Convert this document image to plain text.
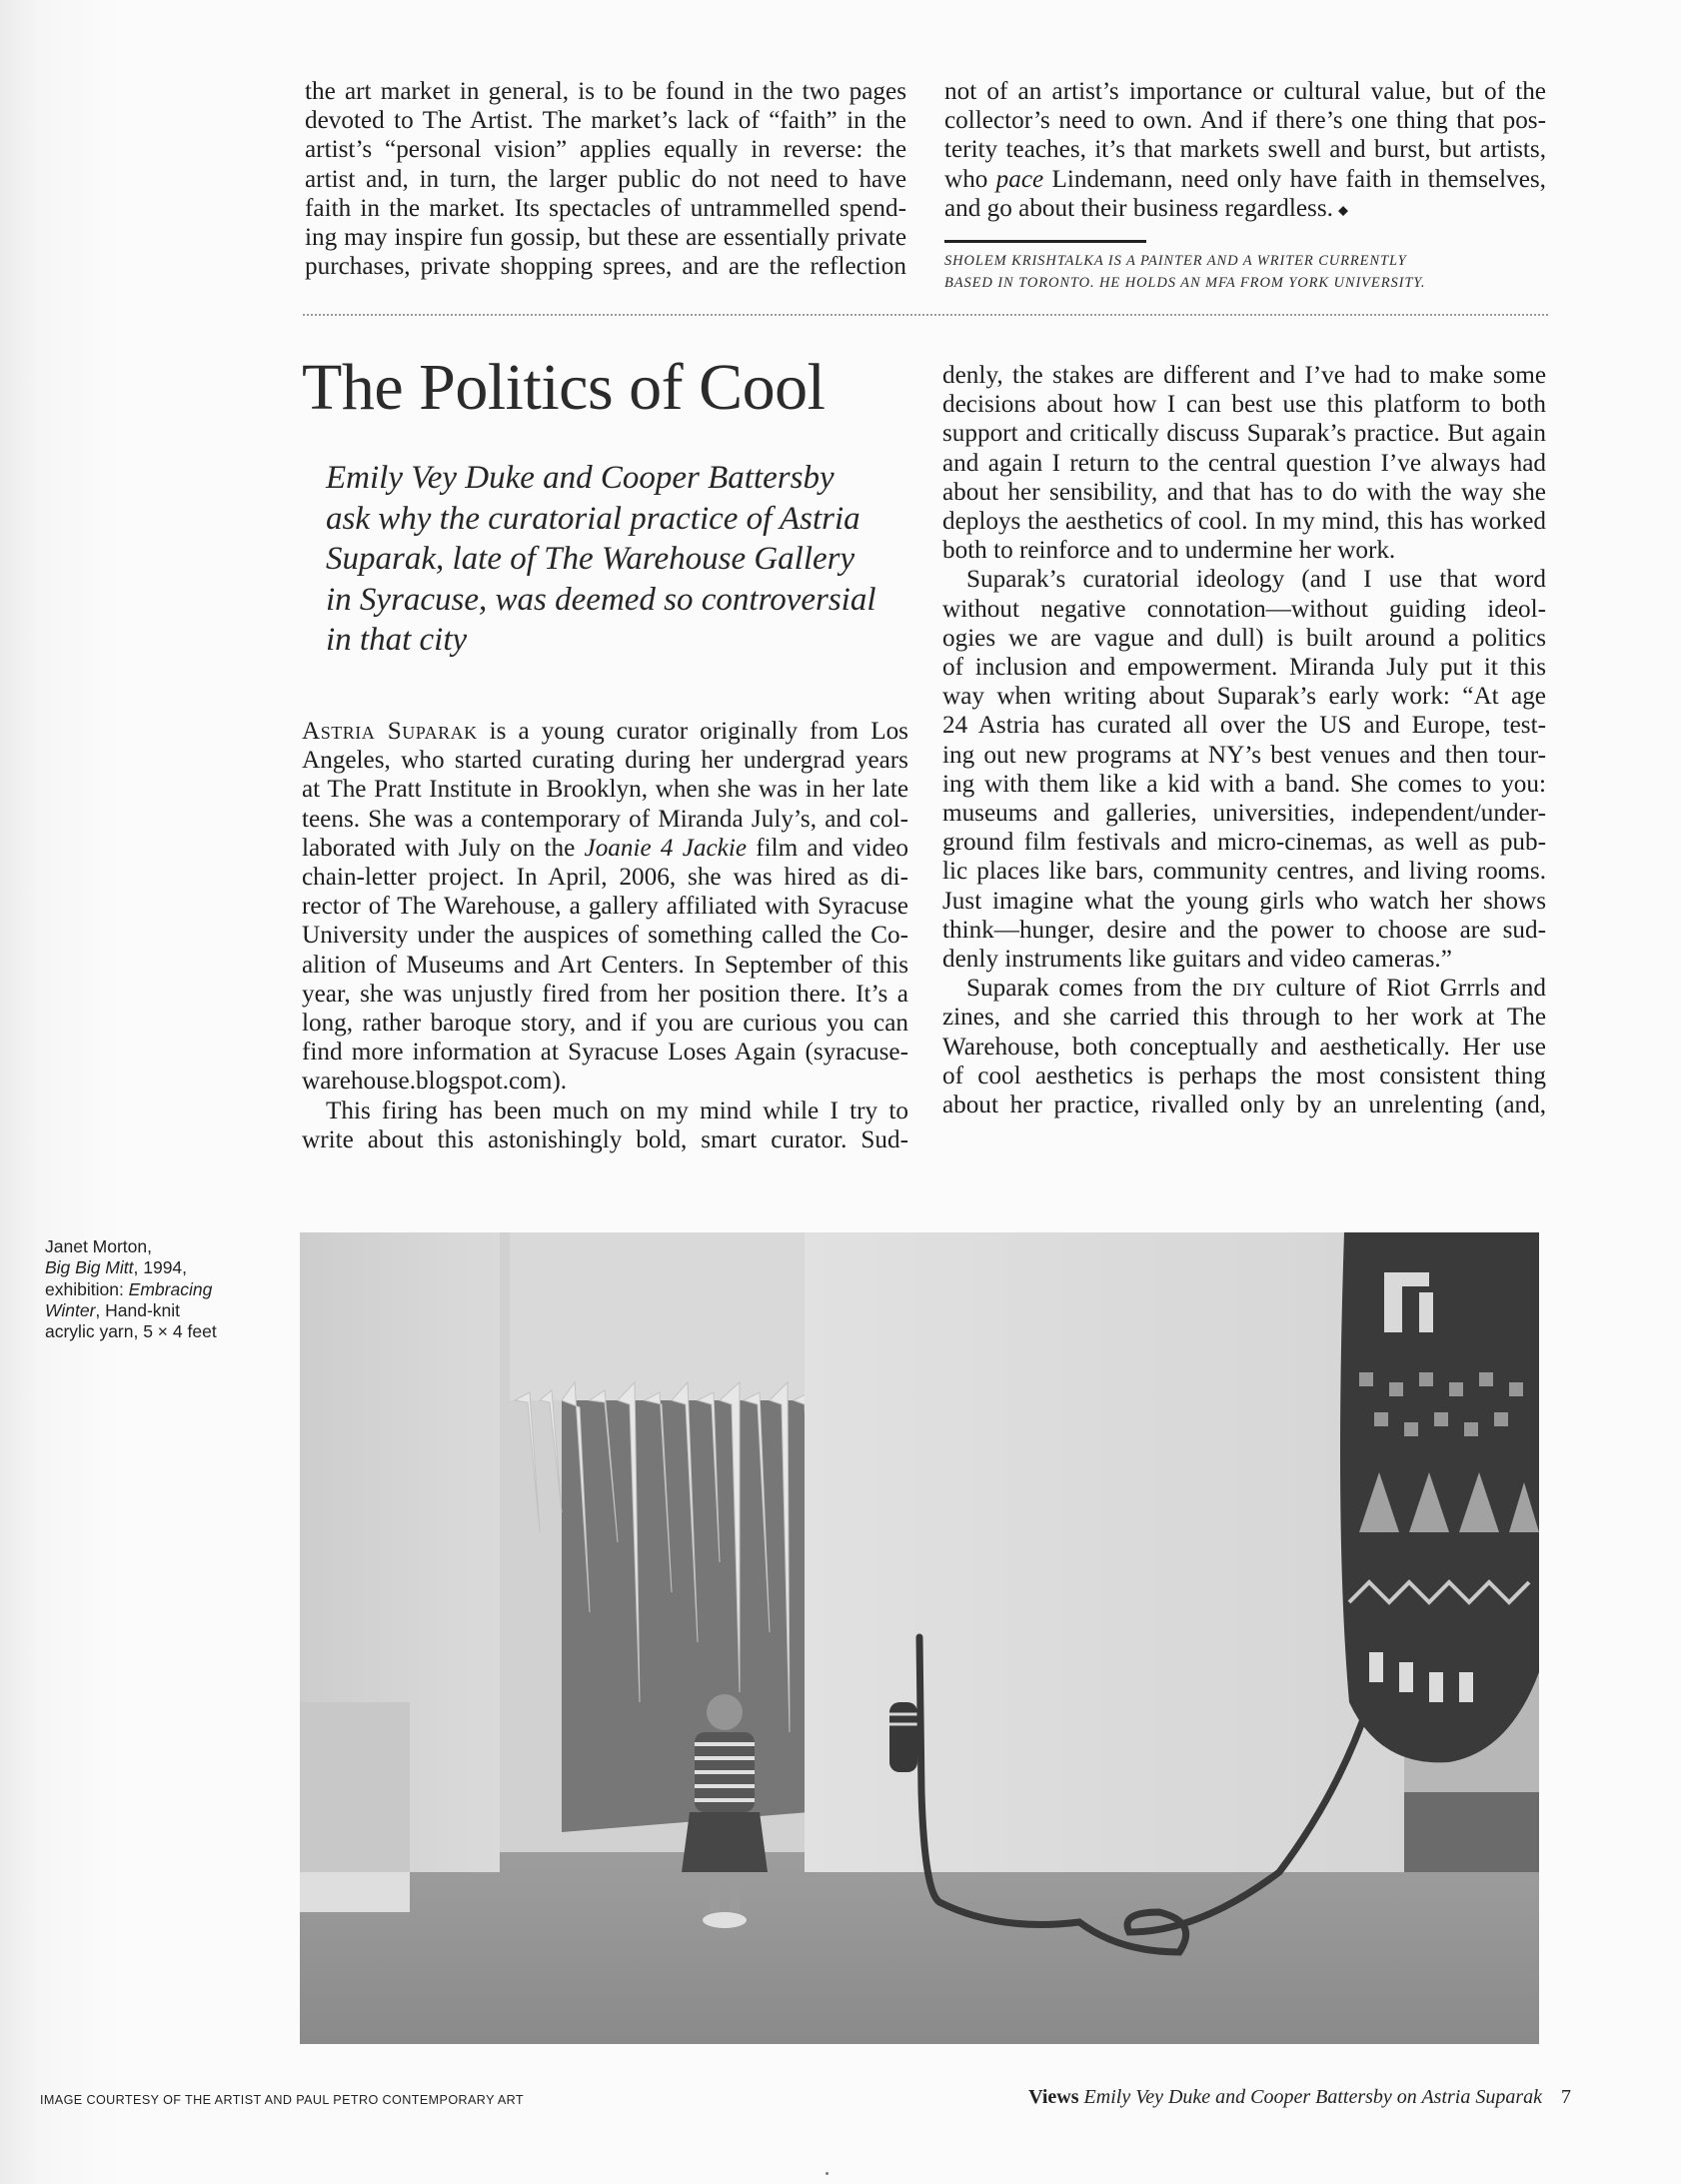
the art market in general, is to be found in the two pages
devoted to The Artist. The market’s lack of “faith” in the
artist’s “personal vision” applies equally in reverse: the
artist and, in turn, the larger public do not need to have
faith in the market. Its spectacles of untrammelled spend-
ing may inspire fun gossip, but these are essentially private
purchases, private shopping sprees, and are the reflection

not of an artist’s importance or cultural value, but of the
collector’s need to own. And if there’s one thing that pos-
terity teaches, it’s that markets swell and burst, but artists,
who pace Lindemann, need only have faith in themselves,
and go about their business regardless.  ◆

SHOLEM KRISHTALKA IS A PAINTER AND A WRITER CURRENTLY
BASED IN TORONTO. HE HOLDS AN MFA FROM YORK UNIVERSITY.
The Politics of Cool
Emily Vey Duke and Cooper Battersby
ask why the curatorial practice of Astria
Suparak, late of The Warehouse Gallery
in Syracuse, was deemed so controversial
in that city

Astria Suparak is a young curator originally from Los
Angeles, who started curating during her undergrad years
at The Pratt Institute in Brooklyn, when she was in her late
teens. She was a contemporary of Miranda July’s, and col-
laborated with July on the Joanie 4 Jackie film and video
chain-letter project. In April, 2006, she was hired as di-
rector of The Warehouse, a gallery affiliated with Syracuse
University under the auspices of something called the Co-
alition of Museums and Art Centers. In September of this
year, she was unjustly fired from her position there. It’s a
long, rather baroque story, and if you are curious you can
find more information at Syracuse Loses Again (syracuse-
warehouse.blogspot.com).

This firing has been much on my mind while I try to
write about this astonishingly bold, smart curator. Sud-

denly, the stakes are different and I’ve had to make some
decisions about how I can best use this platform to both
support and critically discuss Suparak’s practice. But again
and again I return to the central question I’ve always had
about her sensibility, and that has to do with the way she
deploys the aesthetics of cool. In my mind, this has worked
both to reinforce and to undermine her work.

Suparak’s curatorial ideology (and I use that word
without negative connotation—without guiding ideol-
ogies we are vague and dull) is built around a politics
of inclusion and empowerment. Miranda July put it this
way when writing about Suparak’s early work: “At age
24 Astria has curated all over the US and Europe, test-
ing out new programs at NY’s best venues and then tour-
ing with them like a kid with a band. She comes to you:
museums and galleries, universities, independent/under-
ground film festivals and micro-cinemas, as well as pub-
lic places like bars, community centres, and living rooms.
Just imagine what the young girls who watch her shows
think—hunger, desire and the power to choose are sud-
denly instruments like guitars and video cameras.”

Suparak comes from the diy culture of Riot Grrrls and
zines, and she carried this through to her work at The
Warehouse, both conceptually and aesthetically. Her use
of cool aesthetics is perhaps the most consistent thing
about her practice, rivalled only by an unrelenting (and,

Janet Morton,
Big Big Mitt, 1994,
exhibition: Embracing
Winter, Hand-knit
acrylic yarn, 5 × 4 feet
IMAGE COURTESY OF THE ARTIST AND PAUL PETRO CONTEMPORARY ART	Views Emily Vey Duke and Cooper Battersby on Astria Suparak 7
